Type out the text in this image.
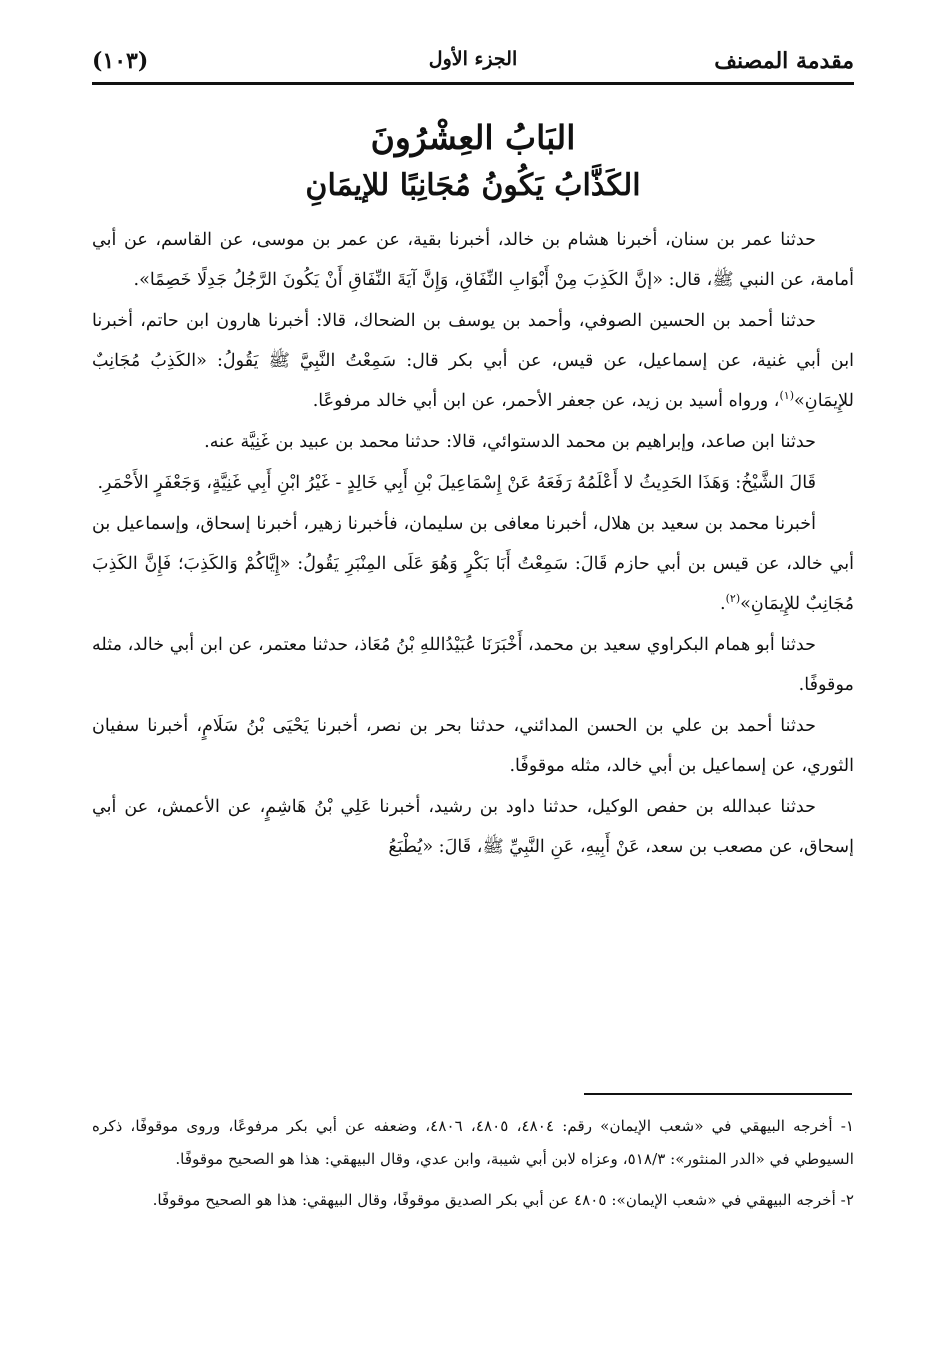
مقدمة المصنف
الجزء الأول
(١٠٣)
البَابُ العِشْرُونَ
الكَذَّابُ يَكُونُ مُجَانِبًا للإيمَانِ

حدثنا عمر بن سنان، أخبرنا هشام بن خالد، أخبرنا بقية، عن عمر بن موسى، عن القاسم، عن أبي أمامة، عن النبي ﷺ، قال: «إنَّ الكَذِبَ مِنْ أَبْوَابِ النِّفَاقِ، وَإِنَّ آيَةَ النِّفَاقِ أَنْ يَكُونَ الرَّجُلُ جَدِلًا خَصِمًا».

حدثنا أحمد بن الحسين الصوفي، وأحمد بن يوسف بن الضحاك، قالا: أخبرنا هارون ابن حاتم، أخبرنا ابن أبي غنية، عن إسماعيل، عن قيس، عن أبي بكر قال: سَمِعْتُ النَّبِيَّ ﷺ يَقُولُ: «الكَذِبُ مُجَانِبٌ للإِيمَانِ»$^{(١)}$، ورواه أسيد بن زيد، عن جعفر الأحمر، عن ابن أبي خالد مرفوعًا.

حدثنا ابن صاعد، وإبراهيم بن محمد الدستوائي، قالا: حدثنا محمد بن عبيد بن غَنِيَّة عنه.

قَالَ الشَّيْخُ: وَهَذَا الحَدِيثُ لا أَعْلَمُهُ رَفَعَهُ عَنْ إِسْمَاعِيلَ بْنِ أَبِي خَالِدٍ - غَيْرُ ابْنِ أَبِي غَنِيَّةٍ، وَجَعْفَرٍ الأَحْمَرِ.

أخبرنا محمد بن سعيد بن هلال، أخبرنا معافى بن سليمان، فأخبرنا زهير، أخبرنا إسحاق، وإسماعيل بن أبي خالد، عن قيس بن أبي حازم قَالَ: سَمِعْتُ أَبَا بَكْرٍ وَهُوَ عَلَى المِنْبَرِ يَقُولُ: «إِيَّاكُمْ وَالكَذِبَ؛ فَإِنَّ الكَذِبَ مُجَانِبٌ للإِيمَانِ»$^{(٢)}$.

حدثنا أبو همام البكراوي سعيد بن محمد، أَخْبَرَنَا عُبَيْدُاللهِ بْنُ مُعَاذ، حدثنا معتمر، عن ابن أبي خالد، مثله موقوفًا.

حدثنا أحمد بن علي بن الحسن المدائني، حدثنا بحر بن نصر، أخبرنا يَحْيَى بْنُ سَلَامٍ، أخبرنا سفيان الثوري، عن إسماعيل بن أبي خالد، مثله موقوفًا.

حدثنا عبدالله بن حفص الوكيل، حدثنا داود بن رشيد، أخبرنا عَلِي بْنُ هَاشِمٍ، عن الأعمش، عن أبي إسحاق، عن مصعب بن سعد، عَنْ أَبِيهِ، عَنِ النَّبِيِّ ﷺ، قَالَ: «يُطْبَعُ

١- أخرجه البيهقي في «شعب الإيمان» رقم: ٤٨٠٤، ٤٨٠٥، ٤٨٠٦، وضعفه عن أبي بكر مرفوعًا، وروى موقوفًا، ذكره السيوطي في «الدر المنثور»: ٥١٨/٣، وعزاه لابن أبي شيبة، وابن عدي، وقال البيهقي: هذا هو الصحيح موقوفًا.

٢- أخرجه البيهقي في «شعب الإيمان»: ٤٨٠٥ عن أبي بكر الصديق موقوفًا، وقال البيهقي: هذا هو الصحيح موقوفًا.
